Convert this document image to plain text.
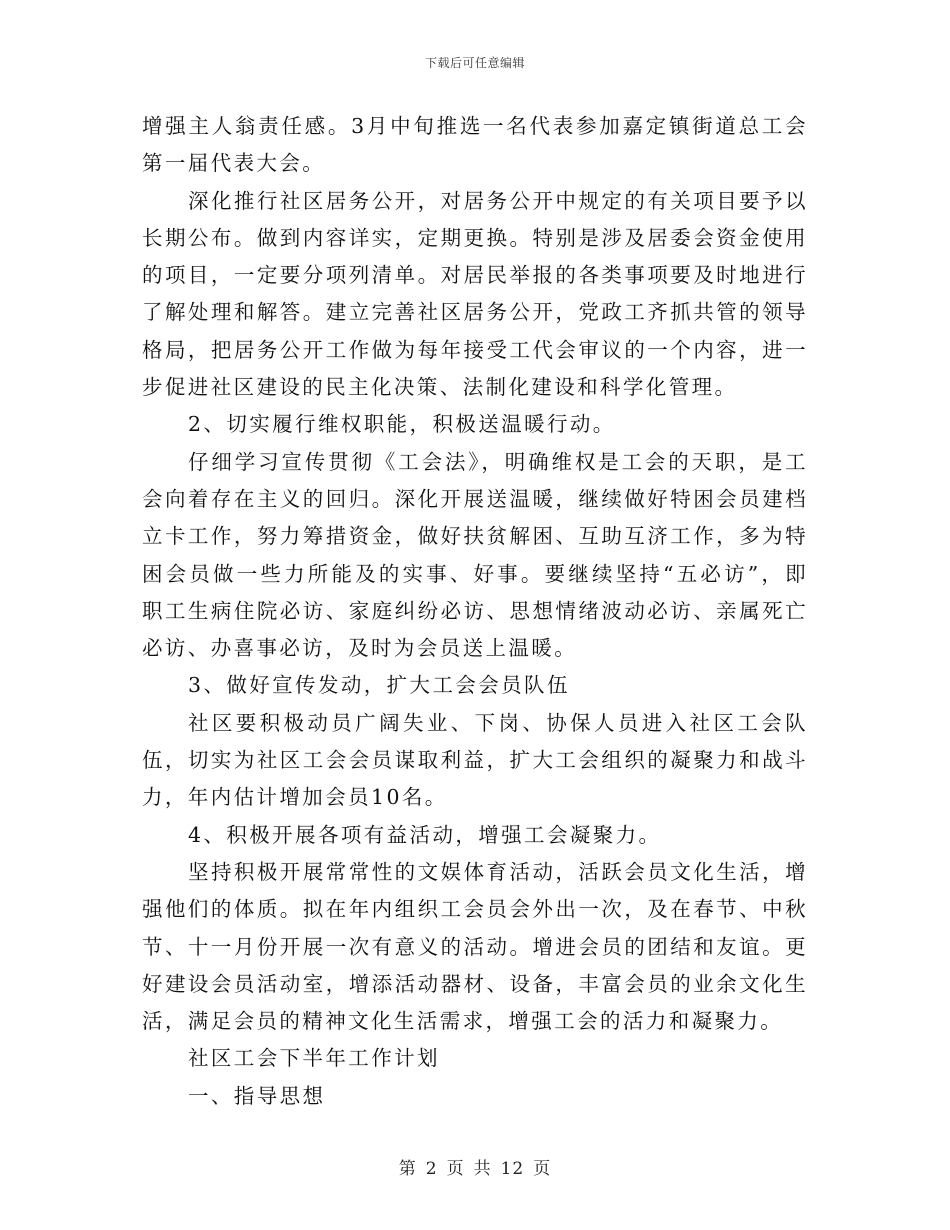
下载后可任意编辑

增强主人翁责任感。3月中旬推选一名代表参加嘉定镇街道总工会第一届代表大会。

深化推行社区居务公开，对居务公开中规定的有关项目要予以长期公布。做到内容详实，定期更换。特别是涉及居委会资金使用的项目，一定要分项列清单。对居民举报的各类事项要及时地进行了解处理和解答。建立完善社区居务公开，党政工齐抓共管的领导格局，把居务公开工作做为每年接受工代会审议的一个内容，进一步促进社区建设的民主化决策、法制化建设和科学化管理。

2、切实履行维权职能，积极送温暖行动。

仔细学习宣传贯彻《工会法》，明确维权是工会的天职，是工会向着存在主义的回归。深化开展送温暖，继续做好特困会员建档立卡工作，努力筹措资金，做好扶贫解困、互助互济工作，多为特困会员做一些力所能及的实事、好事。要继续坚持“五必访”，即职工生病住院必访、家庭纠纷必访、思想情绪波动必访、亲属死亡必访、办喜事必访，及时为会员送上温暖。

3、做好宣传发动，扩大工会会员队伍

社区要积极动员广阔失业、下岗、协保人员进入社区工会队伍，切实为社区工会会员谋取利益，扩大工会组织的凝聚力和战斗力，年内估计增加会员10名。

4、积极开展各项有益活动，增强工会凝聚力。

坚持积极开展常常性的文娱体育活动，活跃会员文化生活，增强他们的体质。拟在年内组织工会员会外出一次，及在春节、中秋节、十一月份开展一次有意义的活动。增进会员的团结和友谊。更好建设会员活动室，增添活动器材、设备，丰富会员的业余文化生活，满足会员的精神文化生活需求，增强工会的活力和凝聚力。

社区工会下半年工作计划

一、指导思想

第 2 页 共 12 页
